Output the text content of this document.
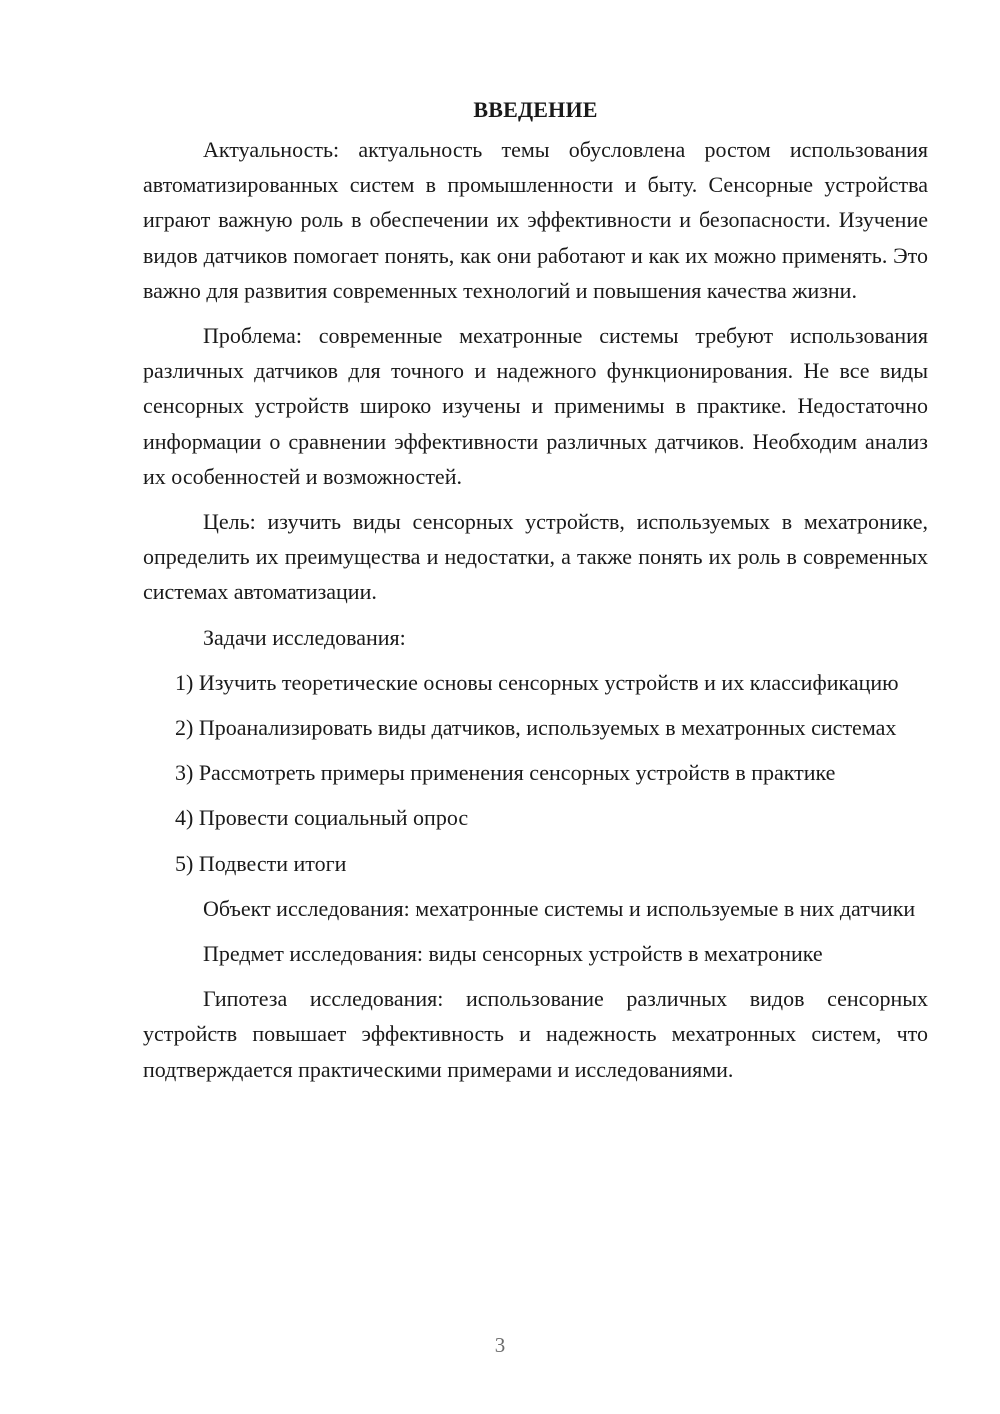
ВВЕДЕНИЕ

Актуальность: актуальность темы обусловлена ростом использования автоматизированных систем в промышленности и быту. Сенсорные устройства играют важную роль в обеспечении их эффективности и безопасности. Изучение видов датчиков помогает понять, как они работают и как их можно применять. Это важно для развития современных технологий и повышения качества жизни.

Проблема: современные мехатронные системы требуют использования различных датчиков для точного и надежного функционирования. Не все виды сенсорных устройств широко изучены и применимы в практике. Недостаточно информации о сравнении эффективности различных датчиков. Необходим анализ их особенностей и возможностей.

Цель: изучить виды сенсорных устройств, используемых в мехатронике, определить их преимущества и недостатки, а также понять их роль в современных системах автоматизации.

Задачи исследования:

1) Изучить теоретические основы сенсорных устройств и их классификацию

2) Проанализировать виды датчиков, используемых в мехатронных системах

3) Рассмотреть примеры применения сенсорных устройств в практике

4) Провести социальный опрос

5) Подвести итоги

Объект исследования: мехатронные системы и используемые в них датчики

Предмет исследования: виды сенсорных устройств в мехатронике

Гипотеза исследования: использование различных видов сенсорных устройств повышает эффективность и надежность мехатронных систем, что подтверждается практическими примерами и исследованиями.

3
